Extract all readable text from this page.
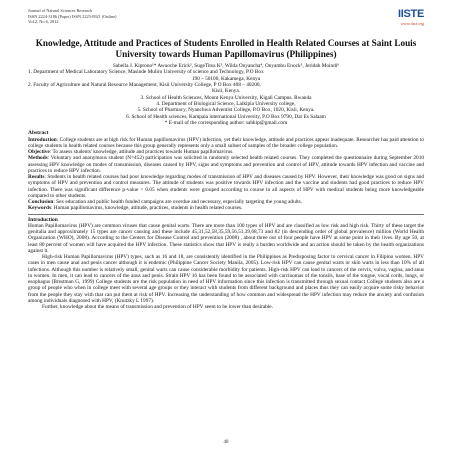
Journal of Natural Sciences Research
ISSN 2224-3186 (Paper) ISSN 2225-0921 (Online)
Vol.2, No.6, 2012
IISTE
www.iiste.org
Knowledge, Attitude and Practices of Students Enrolled in Health Related Courses at Saint Louis University towards Human Papillomavirus (Philippines)
Sabella J. Kiprono¹* Awuoche Erick², SugeTitus K³, Wilda Onyancha⁴, Onyambu Enock⁵, Jeridah Moindi⁶
1. Department of Medical Laboratory Science, Masinde Muliro University of science and Technology, P.O Box
190 – 50100, Kakamega, Kenya
2. Faculty of Agriculture and Natural Resource Management, Kisii University College, P O Box 408 – 40200,
Kisii, Kenya.
3. School of Health Sciences, Mount Kenya University, Kigali Campus. Rwanda
4. Department of Biological Science, Laikipia University college,
5. School of Pharmacy, Nyanchwa Adventist College, P.O Box, 1020, Kisii, Kenya.
6. School of Health sciences, Kampala international University, P.O Box 9790, Dar Es Salaam
* E-mail of the corresponding author: sabkip@gmail.com
Abstract

Introduction: College students are at high risk for Human papillomavirus (HPV) infection, yet their knowledge, attitude and practices appear inadequate. Researcher has paid attention to college students in health related courses because this group generally represents only a small subset of samples of the broader college population.

Objective: To assess students' knowledge, attitude and practices towards Human papillomavirus.

Methods: Voluntary and anonymous student (N=452) participation was solicited in randomly selected health related courses. They completed the questionnaire during September 2010 assessing HPV knowledge on modes of transmission, diseases caused by HPV, signs and symptoms and prevention and control of HPV, attitude towards HPV infection and vaccine and practices to reduce HPV infection.

Results: Students in health related courses had poor knowledge regarding modes of transmission of HPV and diseases caused by HPV. However, their knowledge was good on signs and symptoms of HPV and prevention and control measures. The attitude of students was positive towards HPV infection and the vaccine and students had good practices to reduce HPV infection. There was significant difference p-value < 0.05 when students were grouped according to course in all aspects of HPV with medical students being more knowledgeable compared to other students.

Conclusion: Sex education and public health funded campaigns are overdue and necessary, especially targeting the young adults.

Keywords: Human papillomavirus, knowledge, attitude, practices, students in health related courses.

Introduction

Human Papillomavirus (HPV) are common viruses that cause genital warts. There are more than 100 types of HPV and are classified as low risk and high risk. Thirty of these target the genitalia and approximately 15 types are cancer causing and these include 45,31,52,58,35,59,56,51,39,68,73 and 82 (in descending order of global prevalence) million (World Health Organization (WHO), 2008). According to the Centers for Disease Control and prevention (2008) , about three out of four people have HPV at some point in their lives. By age 50, at least 80 percent of women will have acquired the HPV infection. These statistics show that HPV is really a burden worldwide and an action should be taken by the health organizations against it.

High-risk Human Papillomavirus (HPV) types, such as 16 and 18, are consistently identified in the Philippines as Predisposing factor to cervical cancer in Filipino women. HPV cases in men cause anal and penis cancer although it is endemic (Philippine Cancer Society Manila, 2005). Low-risk HPV can cause genital warts or skin warts in less than 10% of all infections. Although this number is relatively small, genital warts can cause considerable morbidity for patients. High-risk HPV can lead to cancers of the cervix, vulva, vagina, and anus in women. In men, it can lead to cancers of the anus and penis. Strain HPV 16 has been found to be associated with carcinomas of the tonsils, base of the tongue, vocal cords, lungs, or esophagus (Brestman G, 1999) College students are the risk population in need of HPV information since this infection is transmitted through sexual contact College students also are a group of people who when in college meet with several age groups or they interact with students from different background and places thus they can easily acquire some risky behavior from the people they stay with that can put them at risk of HPV. Increasing the understanding of how common and widespread the HPV infection may reduce the anxiety and confusion among individuals diagnosed with HPV, (Knutzky L 1997).

Further, knowledge about the means of transmission and prevention of HPV seem to be lower than desirable.

48
